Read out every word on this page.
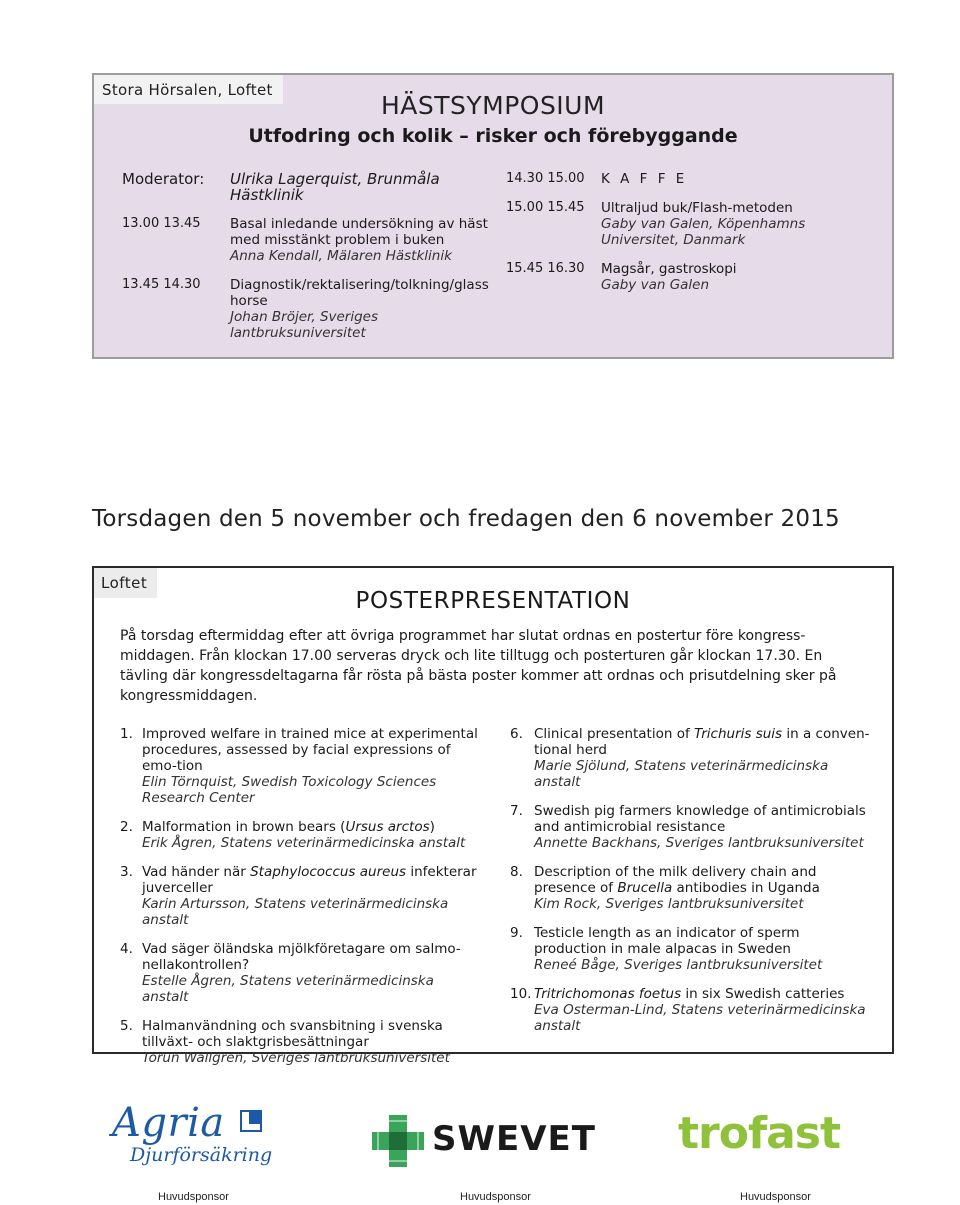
Stora Hörsalen, Loftet
HÄSTSYMPOSIUM
Utfodring och kolik – risker och förebyggande
Moderator:	Ulrika Lagerquist, Brunmåla Hästklinik
13.00 13.45	Basal inledande undersökning av häst med misstänkt problem i buken
Anna Kendall, Mälaren Hästklinik
13.45 14.30	Diagnostik/rektalisering/tolkning/glass horse
Johan Bröjer, Sveriges lantbruksuniversitet
14.30 15.00	K A F F E
15.00 15.45	Ultraljud buk/Flash-metoden
Gaby van Galen, Köpenhamns Universitet, Danmark
15.45 16.30	Magsår, gastroskopi
Gaby van Galen
Torsdagen den 5 november och fredagen den 6 november 2015
Loftet
POSTERPRESENTATION
På torsdag eftermiddag efter att övriga programmet har slutat ordnas en postertur före kongress-middagen. Från klockan 17.00 serveras dryck och lite tilltugg och posterturen går klockan 17.30. En tävling där kongressdeltagarna får rösta på bästa poster kommer att ordnas och prisutdelning sker på kongressmiddagen.
1. Improved welfare in trained mice at experimental procedures, assessed by facial expressions of emo-tion
Elin Törnquist, Swedish Toxicology Sciences Research Center
2. Malformation in brown bears (Ursus arctos)
Erik Ågren, Statens veterinärmedicinska anstalt
3. Vad händer när Staphylococcus aureus infekterar juverceller
Karin Artursson, Statens veterinärmedicinska anstalt
4. Vad säger öländska mjölkföretagare om salmo-nellakontrollen?
Estelle Ågren, Statens veterinärmedicinska anstalt
5. Halmanvändning och svansbitning i svenska tillväxt- och slaktgrisbesättningar
Torun Wallgren, Sveriges lantbruksuniversitet
6. Clinical presentation of Trichuris suis in a conven-tional herd
Marie Sjölund, Statens veterinärmedicinska anstalt
7. Swedish pig farmers knowledge of antimicrobials and antimicrobial resistance
Annette Backhans, Sveriges lantbruksuniversitet
8. Description of the milk delivery chain and presence of Brucella antibodies in Uganda
Kim Rock, Sveriges lantbruksuniversitet
9. Testicle length as an indicator of sperm production in male alpacas in Sweden
Reneé Båge, Sveriges lantbruksuniversitet
10. Tritrichomonas foetus in six Swedish catteries
Eva Osterman-Lind, Statens veterinärmedicinska anstalt
Agria
Djurförsäkring	SWEVET trofast
Huvudsponsor	Huvudsponsor	Huvudsponsor
